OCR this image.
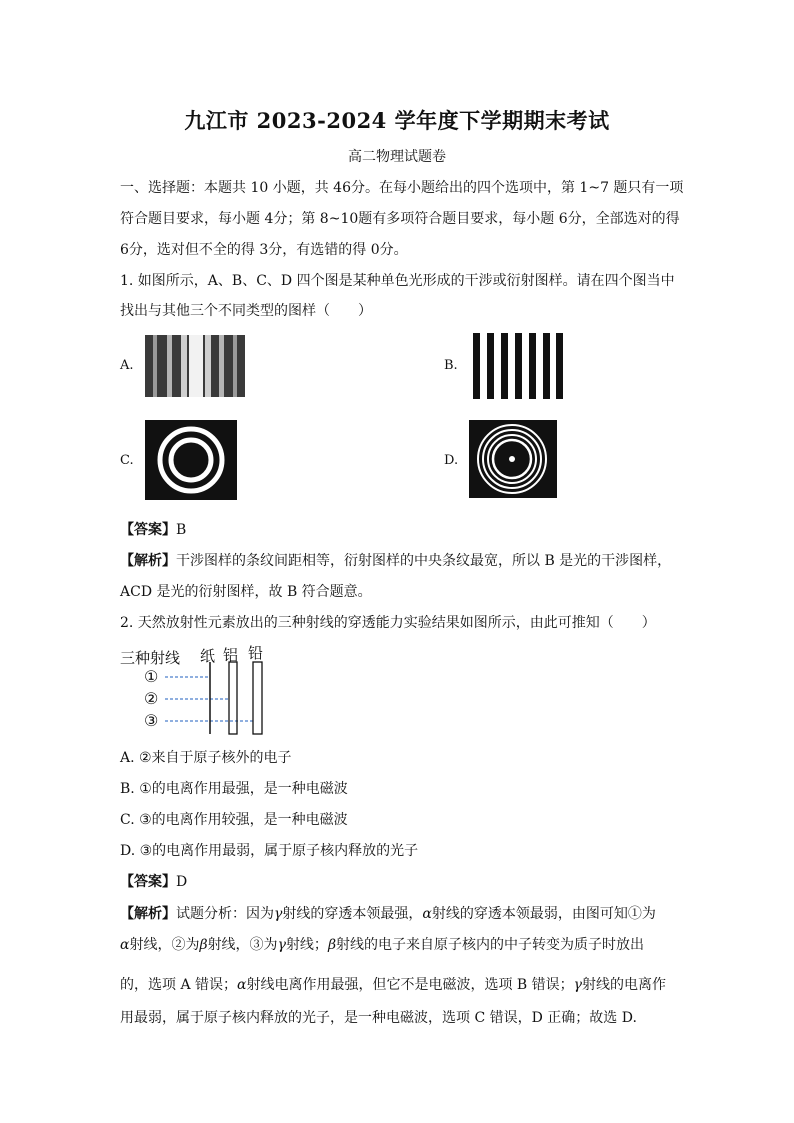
九江市 2023-2024 学年度下学期期末考试
高二物理试题卷
一、选择题：本题共 10 小题，共 46分。在每小题给出的四个选项中，第 1~7 题只有一项
符合题目要求，每小题 4分；第 8~10题有多项符合题目要求，每小题 6分，全部选对的得
6分，选对但不全的得 3分，有选错的得 0分。
1. 如图所示，A、B、C、D 四个图是某种单色光形成的干涉或衍射图样。请在四个图当中
找出与其他三个不同类型的图样（　　）
A.	B.
C.	D.
【答案】B
【解析】干涉图样的条纹间距相等，衍射图样的中央条纹最宽，所以 B 是光的干涉图样，
ACD 是光的衍射图样，故 B 符合题意。
2. 天然放射性元素放出的三种射线的穿透能力实验结果如图所示，由此可推知（　　）
三种射线 纸 铝 铅
①
②
③
A. ②来自于原子核外的电子
B. ①的电离作用最强，是一种电磁波
C. ③的电离作用较强，是一种电磁波
D. ③的电离作用最弱，属于原子核内释放的光子
【答案】D
【解析】试题分析：因为γ射线的穿透本领最强，α射线的穿透本领最弱，由图可知①为
α射线，②为β射线，③为γ射线；β射线的电子来自原子核内的中子转变为质子时放出
的，选项 A 错误；α射线电离作用最强，但它不是电磁波，选项 B 错误；γ射线的电离作
用最弱，属于原子核内释放的光子，是一种电磁波，选项 C 错误，D 正确；故选 D.
